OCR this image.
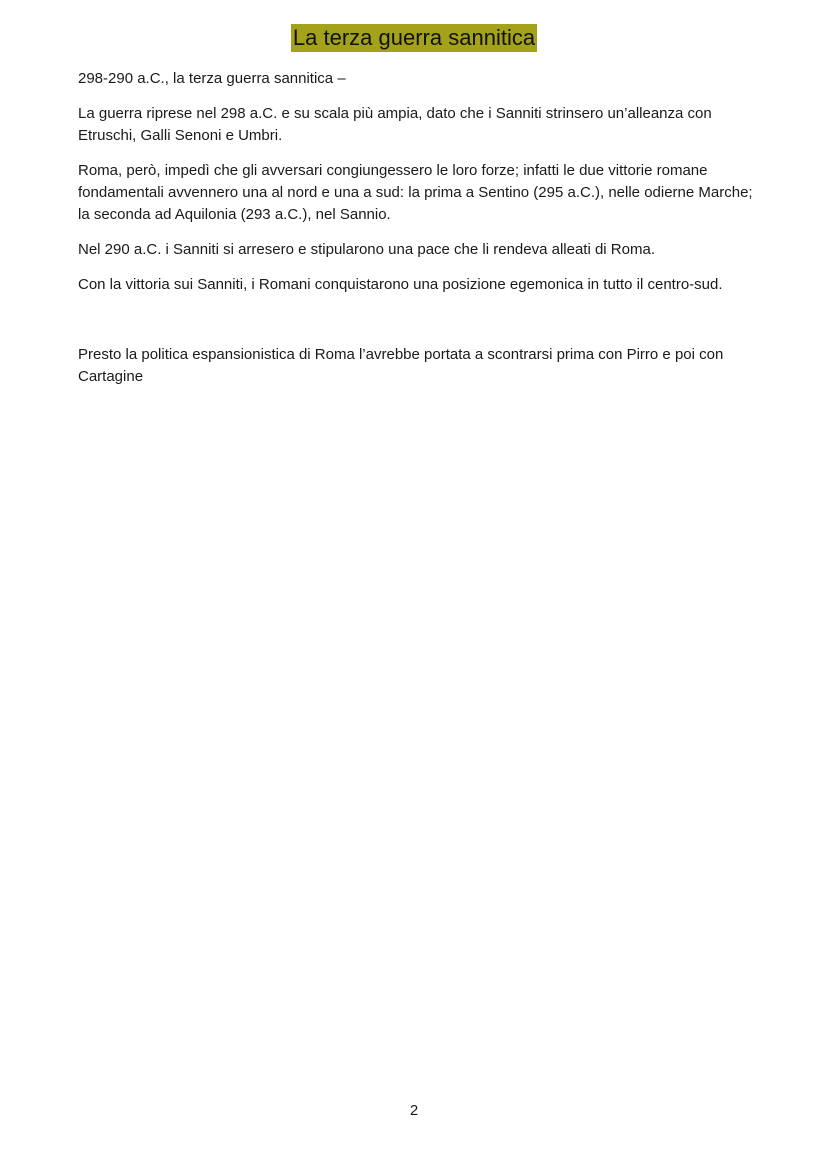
La terza guerra sannitica

298-290 a.C., la terza guerra sannitica –

La guerra riprese nel 298 a.C. e su scala più ampia, dato che i Sanniti strinsero un’alleanza con Etruschi, Galli Senoni e Umbri.

Roma, però, impedì che gli avversari congiungessero le loro forze; infatti le due vittorie romane fondamentali avvennero una al nord e una a sud: la prima a Sentino (295 a.C.), nelle odierne Marche; la seconda ad Aquilonia (293 a.C.), nel Sannio.

Nel 290 a.C. i Sanniti si arresero e stipularono una pace che li rendeva alleati di Roma.

Con la vittoria sui Sanniti, i Romani conquistarono una posizione egemonica in tutto il centro-sud.

Presto la politica espansionistica di Roma l’avrebbe portata a scontrarsi prima con Pirro e poi con Cartagine

2
